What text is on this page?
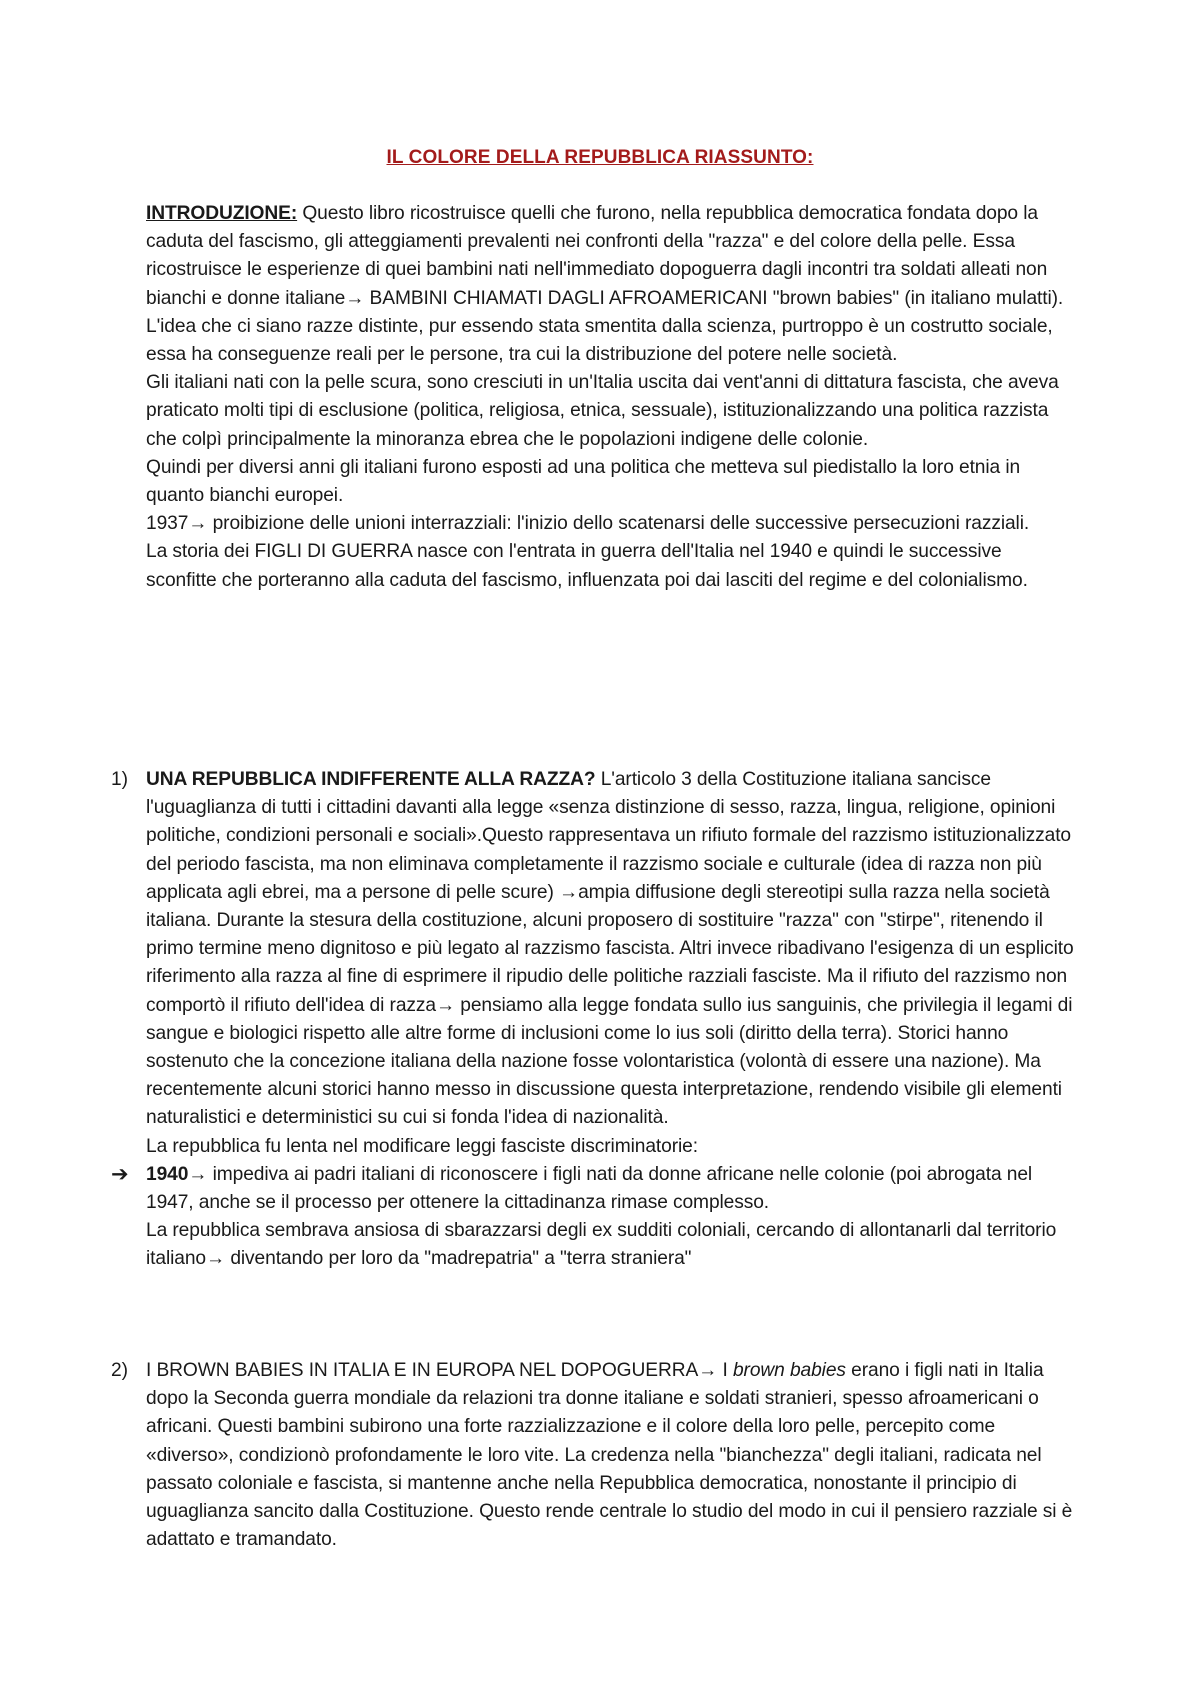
IL COLORE DELLA REPUBBLICA RIASSUNTO:

INTRODUZIONE: Questo libro ricostruisce quelli che furono, nella repubblica democratica fondata dopo la caduta del fascismo, gli atteggiamenti prevalenti nei confronti della "razza" e del colore della pelle. Essa ricostruisce le esperienze di quei bambini nati nell'immediato dopoguerra dagli incontri tra soldati alleati non bianchi e donne italiane→ BAMBINI CHIAMATI DAGLI AFROAMERICANI "brown babies" (in italiano mulatti).

L'idea che ci siano razze distinte, pur essendo stata smentita dalla scienza, purtroppo è un costrutto sociale, essa ha conseguenze reali per le persone, tra cui la distribuzione del potere nelle società.

Gli italiani nati con la pelle scura, sono cresciuti in un'Italia uscita dai vent'anni di dittatura fascista, che aveva praticato molti tipi di esclusione (politica, religiosa, etnica, sessuale), istituzionalizzando una politica razzista che colpì principalmente la minoranza ebrea che le popolazioni indigene delle colonie.

Quindi per diversi anni gli italiani furono esposti ad una politica che metteva sul piedistallo la loro etnia in quanto bianchi europei.

1937→ proibizione delle unioni interrazziali: l'inizio dello scatenarsi delle successive persecuzioni razziali.

La storia dei FIGLI DI GUERRA nasce con l'entrata in guerra dell'Italia nel 1940 e quindi le successive sconfitte che porteranno alla caduta del fascismo, influenzata poi dai lasciti del regime e del colonialismo.

1) UNA REPUBBLICA INDIFFERENTE ALLA RAZZA? L'articolo 3 della Costituzione italiana sancisce l'uguaglianza di tutti i cittadini davanti alla legge «senza distinzione di sesso, razza, lingua, religione, opinioni politiche, condizioni personali e sociali».Questo rappresentava un rifiuto formale del razzismo istituzionalizzato del periodo fascista, ma non eliminava completamente il razzismo sociale e culturale (idea di razza non più applicata agli ebrei, ma a persone di pelle scure) →ampia diffusione degli stereotipi sulla razza nella società italiana. Durante la stesura della costituzione, alcuni proposero di sostituire "razza" con "stirpe", ritenendo il primo termine meno dignitoso e più legato al razzismo fascista. Altri invece ribadivano l'esigenza di un esplicito riferimento alla razza al fine di esprimere il ripudio delle politiche razziali fasciste. Ma il rifiuto del razzismo non comportò il rifiuto dell'idea di razza→ pensiamo alla legge fondata sullo ius sanguinis, che privilegia il legami di sangue e biologici rispetto alle altre forme di inclusioni come lo ius soli (diritto della terra). Storici hanno sostenuto che la concezione italiana della nazione fosse volontaristica (volontà di essere una nazione). Ma recentemente alcuni storici hanno messo in discussione questa interpretazione, rendendo visibile gli elementi naturalistici e deterministici su cui si fonda l'idea di nazionalità.

La repubblica fu lenta nel modificare leggi fasciste discriminatorie:

➔ 1940→ impediva ai padri italiani di riconoscere i figli nati da donne africane nelle colonie (poi abrogata nel 1947, anche se il processo per ottenere la cittadinanza rimase complesso.

La repubblica sembrava ansiosa di sbarazzarsi degli ex sudditi coloniali, cercando di allontanarli dal territorio italiano→ diventando per loro da "madrepatria" a "terra straniera"

2) I BROWN BABIES IN ITALIA E IN EUROPA NEL DOPOGUERRA→ I brown babies erano i figli nati in Italia dopo la Seconda guerra mondiale da relazioni tra donne italiane e soldati stranieri, spesso afroamericani o africani. Questi bambini subirono una forte razzializzazione e il colore della loro pelle, percepito come «diverso», condizionò profondamente le loro vite. La credenza nella "bianchezza" degli italiani, radicata nel passato coloniale e fascista, si mantenne anche nella Repubblica democratica, nonostante il principio di uguaglianza sancito dalla Costituzione. Questo rende centrale lo studio del modo in cui il pensiero razziale si è adattato e tramandato.
